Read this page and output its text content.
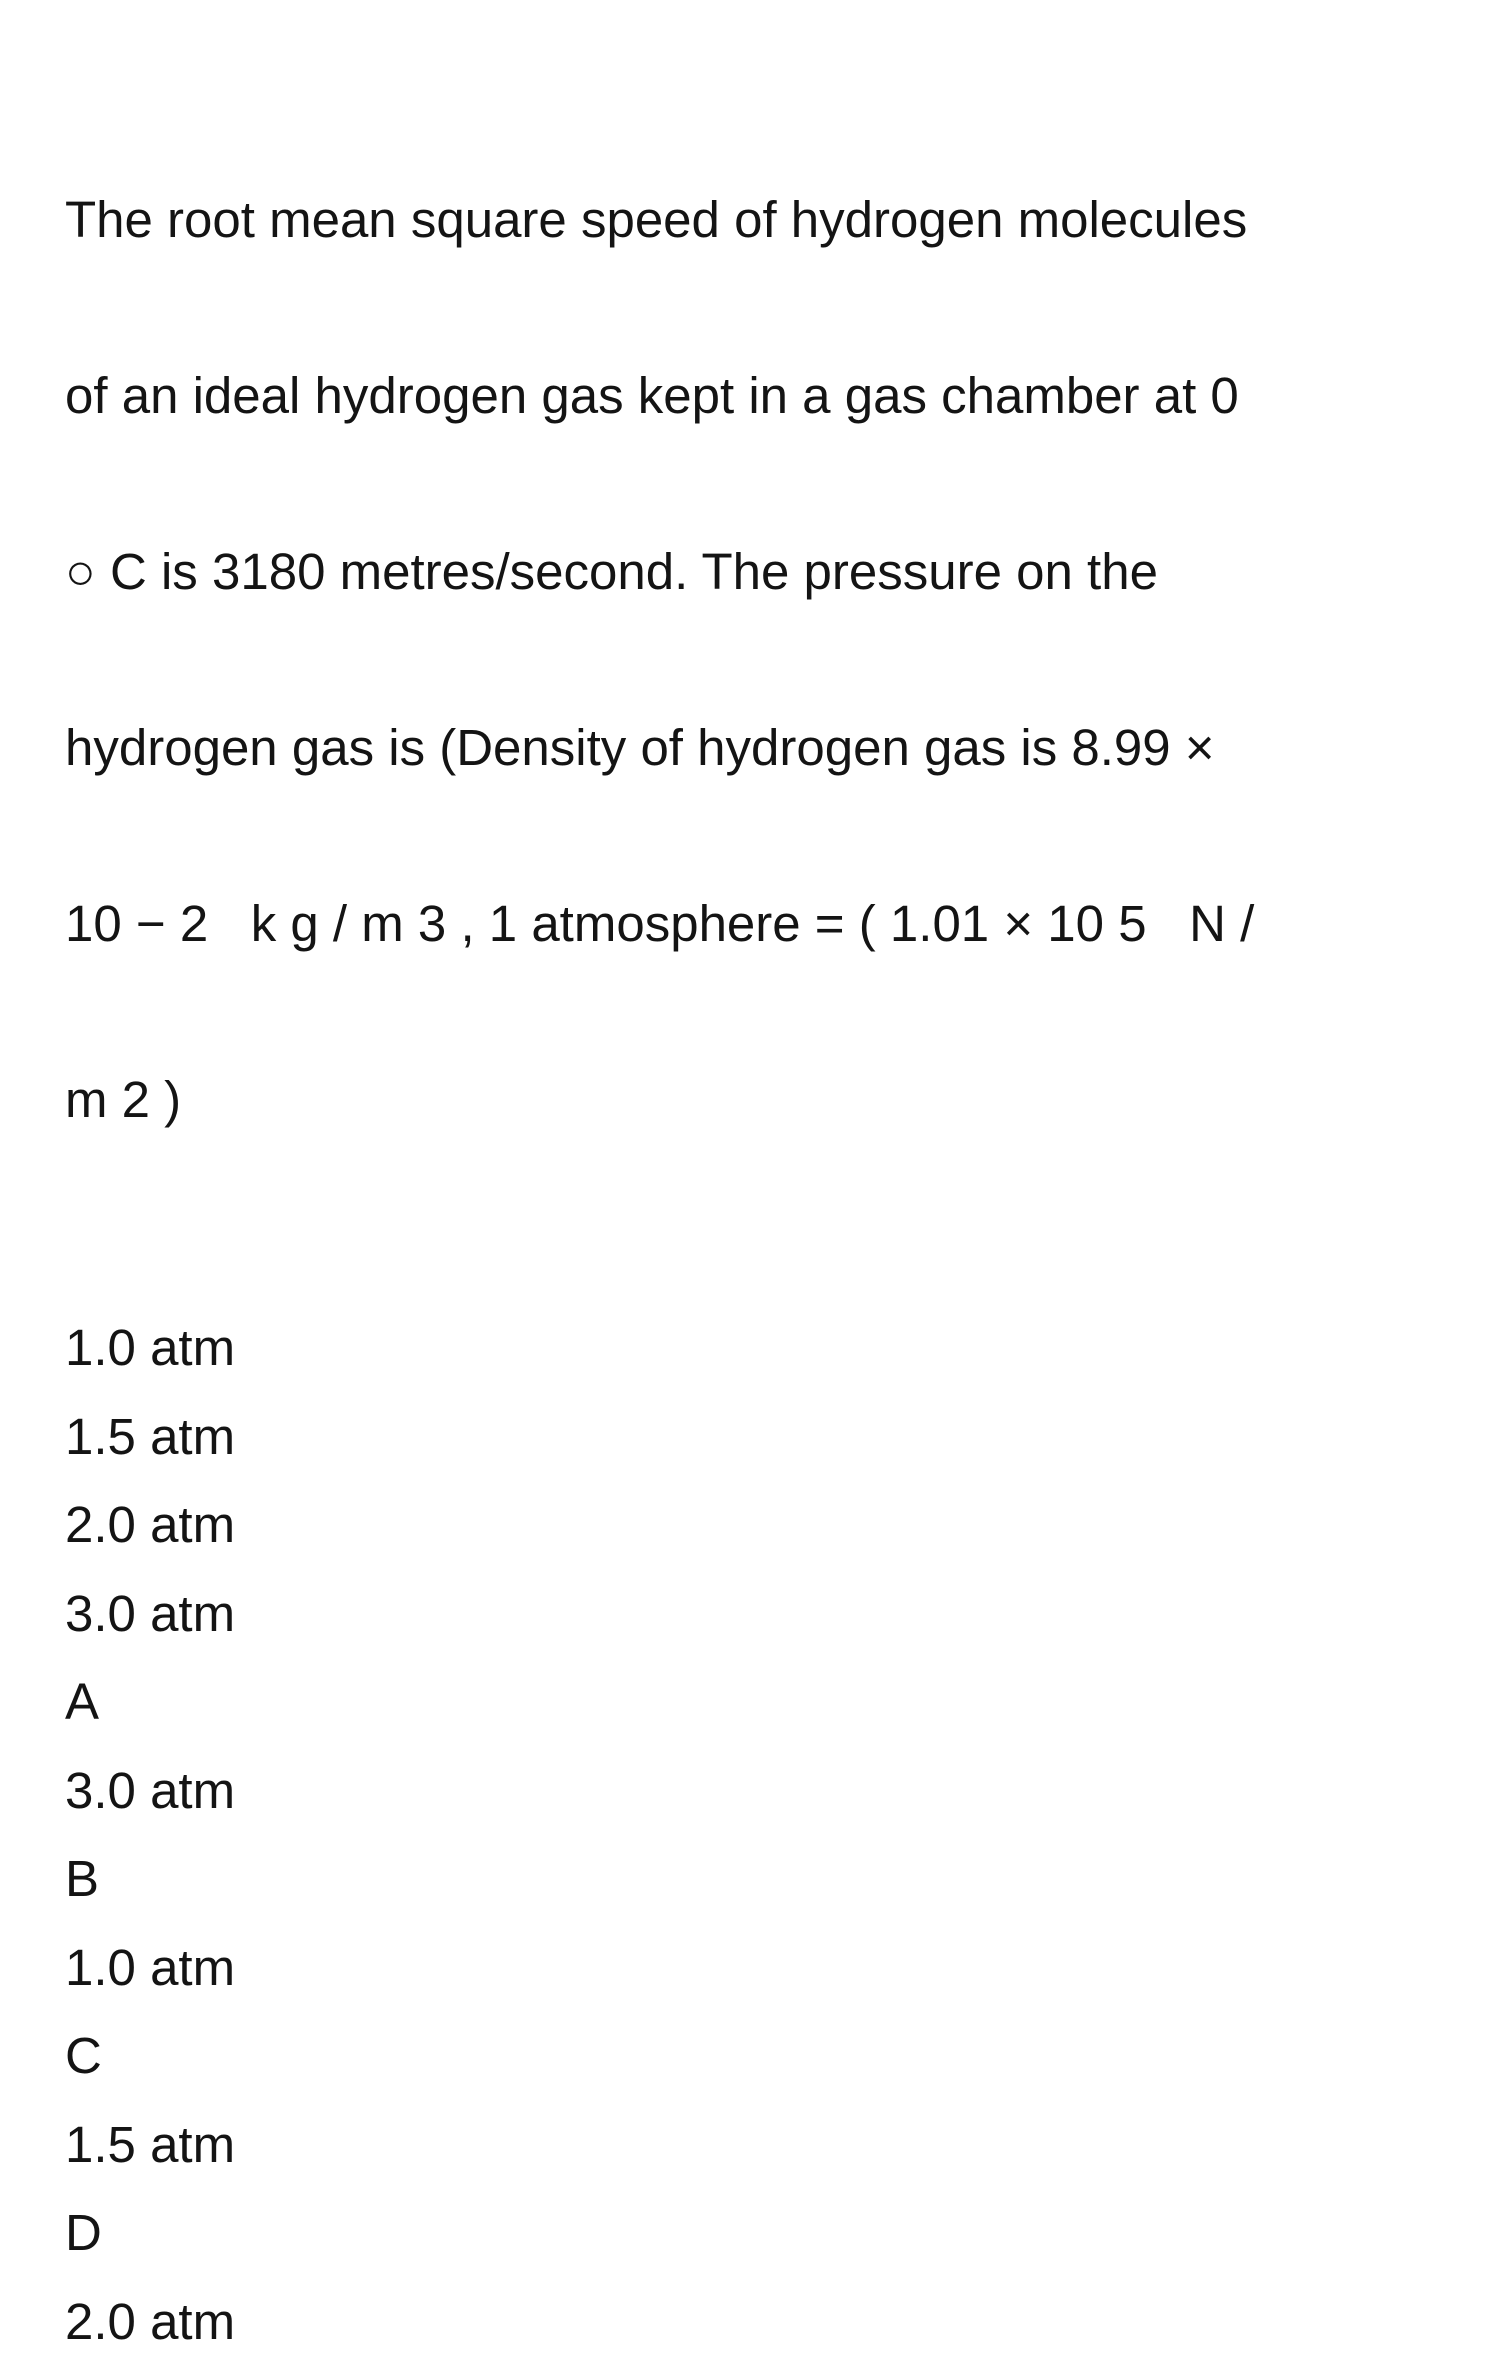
The root mean square speed of hydrogen molecules

of an ideal hydrogen gas kept in a gas chamber at 0

○ C is 3180 metres/second. The pressure on the

hydrogen gas is (Density of hydrogen gas is 8.99 ×

10 − 2   k g / m 3 , 1 atmosphere = ( 1.01 × 10 5   N /

m 2 )

1.0 atm
1.5 atm
2.0 atm
3.0 atm
A
3.0 atm
B
1.0 atm
C
1.5 atm
D
2.0 atm
